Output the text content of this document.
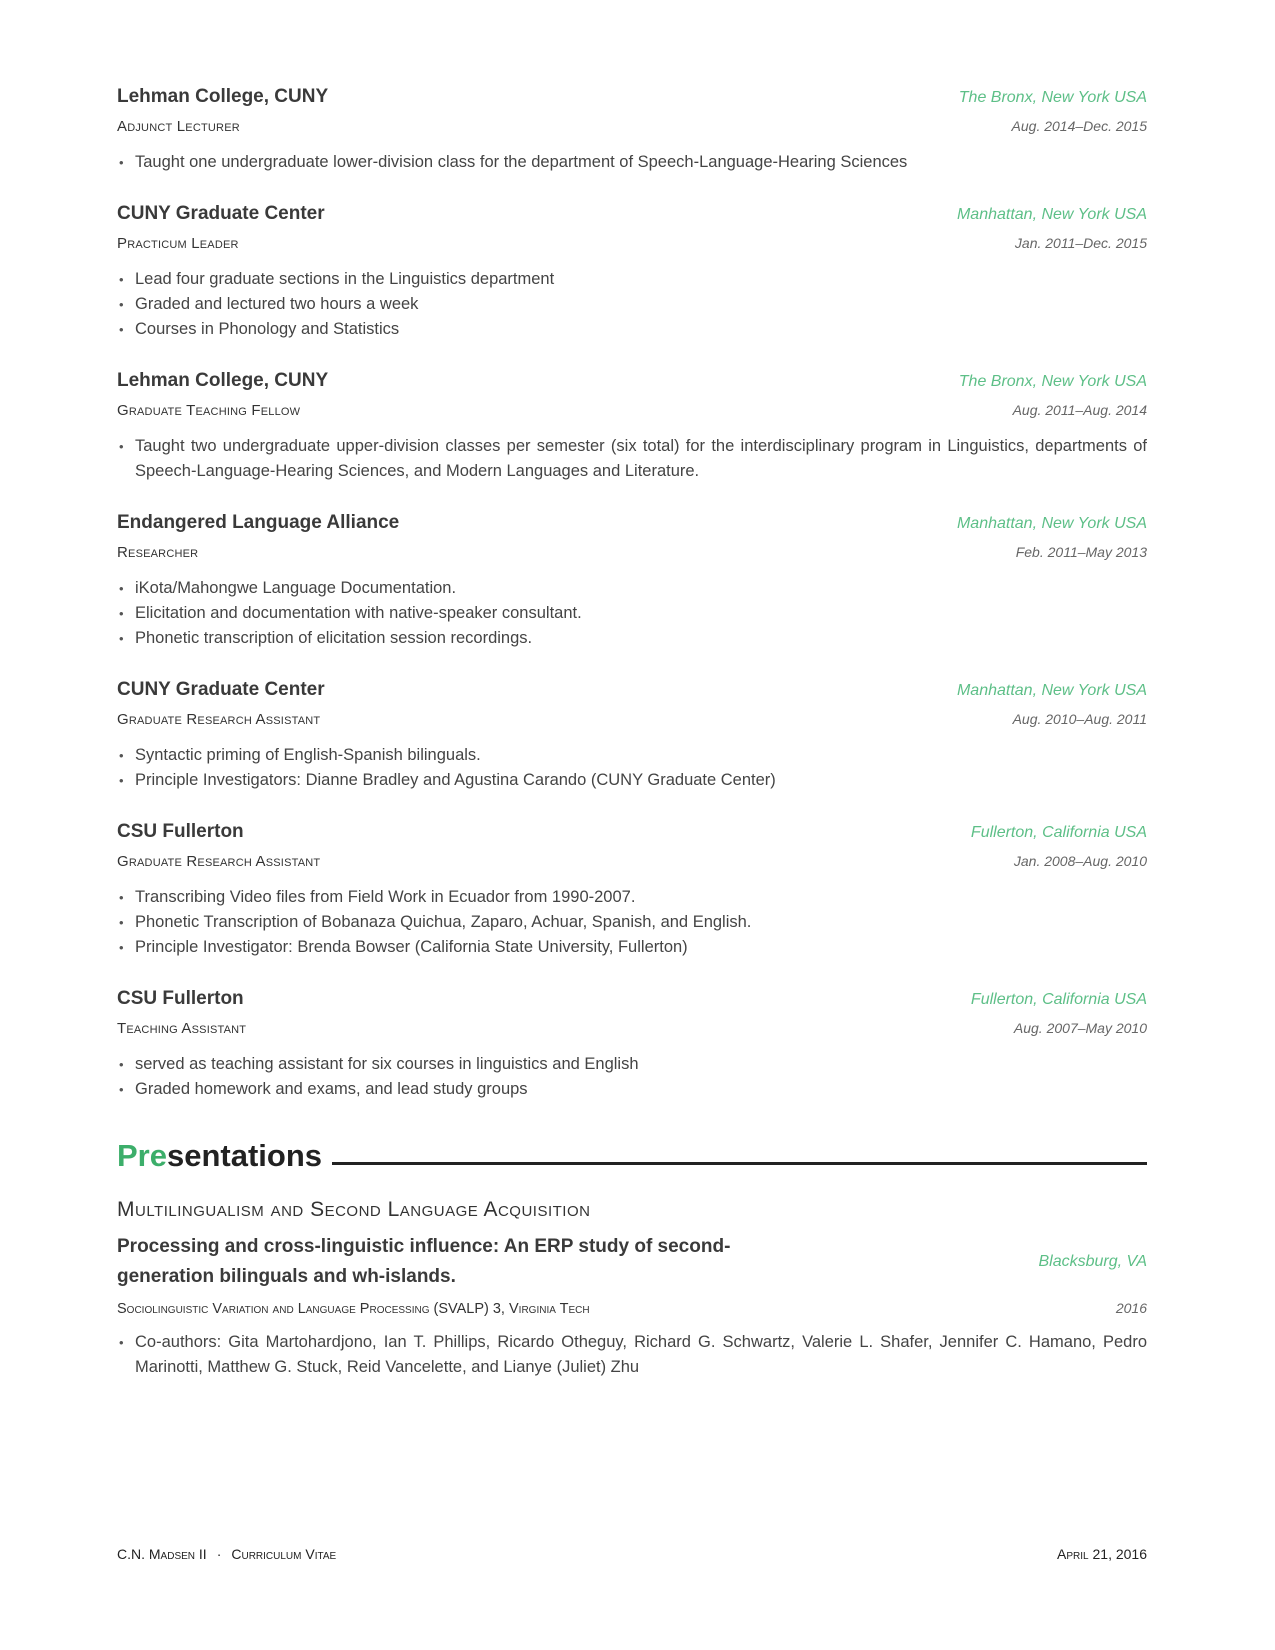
Lehman College, CUNY	The Bronx, New York USA
Adjunct Lecturer	Aug. 2014–Dec. 2015
• Taught one undergraduate lower-division class for the department of Speech-Language-Hearing Sciences
CUNY Graduate Center	Manhattan, New York USA
Practicum Leader	Jan. 2011–Dec. 2015
• Lead four graduate sections in the Linguistics department
• Graded and lectured two hours a week
• Courses in Phonology and Statistics
Lehman College, CUNY	The Bronx, New York USA
Graduate Teaching Fellow	Aug. 2011–Aug. 2014
• Taught two undergraduate upper-division classes per semester (six total) for the interdisciplinary program in Linguistics, departments of Speech-Language-Hearing Sciences, and Modern Languages and Literature.
Endangered Language Alliance	Manhattan, New York USA
Researcher	Feb. 2011–May 2013
• iKota/Mahongwe Language Documentation.
• Elicitation and documentation with native-speaker consultant.
• Phonetic transcription of elicitation session recordings.
CUNY Graduate Center	Manhattan, New York USA
Graduate Research Assistant	Aug. 2010–Aug. 2011
• Syntactic priming of English-Spanish bilinguals.
• Principle Investigators: Dianne Bradley and Agustina Carando (CUNY Graduate Center)
CSU Fullerton	Fullerton, California USA
Graduate Research Assistant	Jan. 2008–Aug. 2010
• Transcribing Video files from Field Work in Ecuador from 1990-2007.
• Phonetic Transcription of Bobanaza Quichua, Zaparo, Achuar, Spanish, and English.
• Principle Investigator: Brenda Bowser (California State University, Fullerton)
CSU Fullerton	Fullerton, California USA
Teaching Assistant	Aug. 2007–May 2010
• served as teaching assistant for six courses in linguistics and English
• Graded homework and exams, and lead study groups
Presentations
Multilingualism and Second Language Acquisition
Processing and cross-linguistic influence: An ERP study of second-generation bilinguals and wh-islands.
Blacksburg, VA
Sociolinguistic Variation and Language Processing (SVALP) 3, Virginia Tech	2016
• Co-authors: Gita Martohardjono, Ian T. Phillips, Ricardo Otheguy, Richard G. Schwartz, Valerie L. Shafer, Jennifer C. Hamano, Pedro Marinotti, Matthew G. Stuck, Reid Vancelette, and Lianye (Juliet) Zhu
C.N. Madsen II · Curriculum Vitae	April 21, 2016
